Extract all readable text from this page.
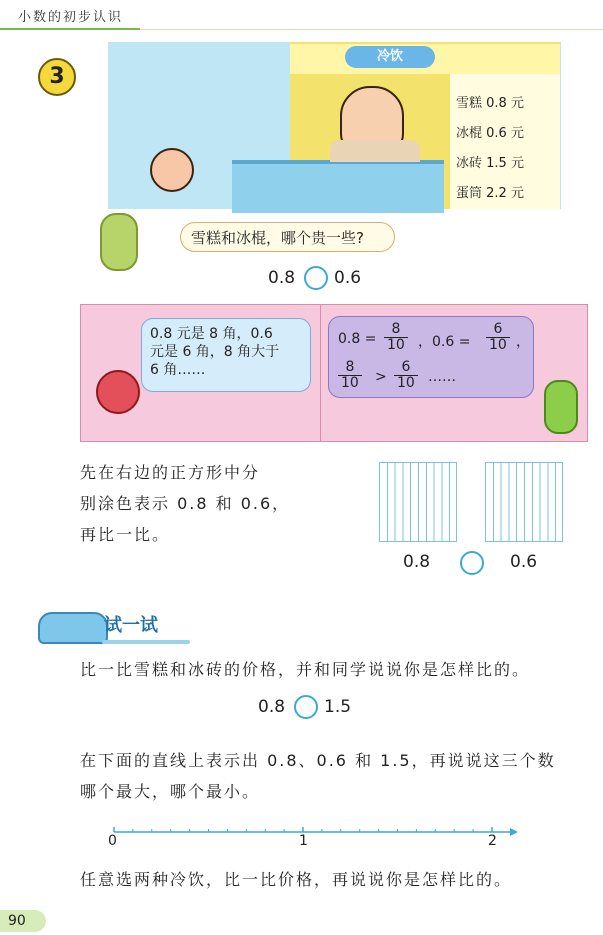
小数的初步认识
3
冷饮
雪糕 0.8 元
冰棍 0.6 元
冰砖 1.5 元
蛋筒 2.2 元
雪糕和冰棍，哪个贵一些?
0.8 0.6
0.8 元是 8 角，0.6
元是 6 角，8 角大于
6 角……
$0.8 = \frac{8}{10}$ ，$0.6 = \frac{6}{10}$ ，
$\frac{8}{10} > \frac{6}{10}$ ……
先在右边的正方形中分
别涂色表示 0.8 和 0.6，
再比一比。
0.8	0.6
试一试
比一比雪糕和冰砖的价格，并和同学说说你是怎样比的。
0.8 1.5
在下面的直线上表示出 0.8、0.6 和 1.5，再说说这三个数
哪个最大，哪个最小。
0	1	2
任意选两种冷饮，比一比价格，再说说你是怎样比的。
90
